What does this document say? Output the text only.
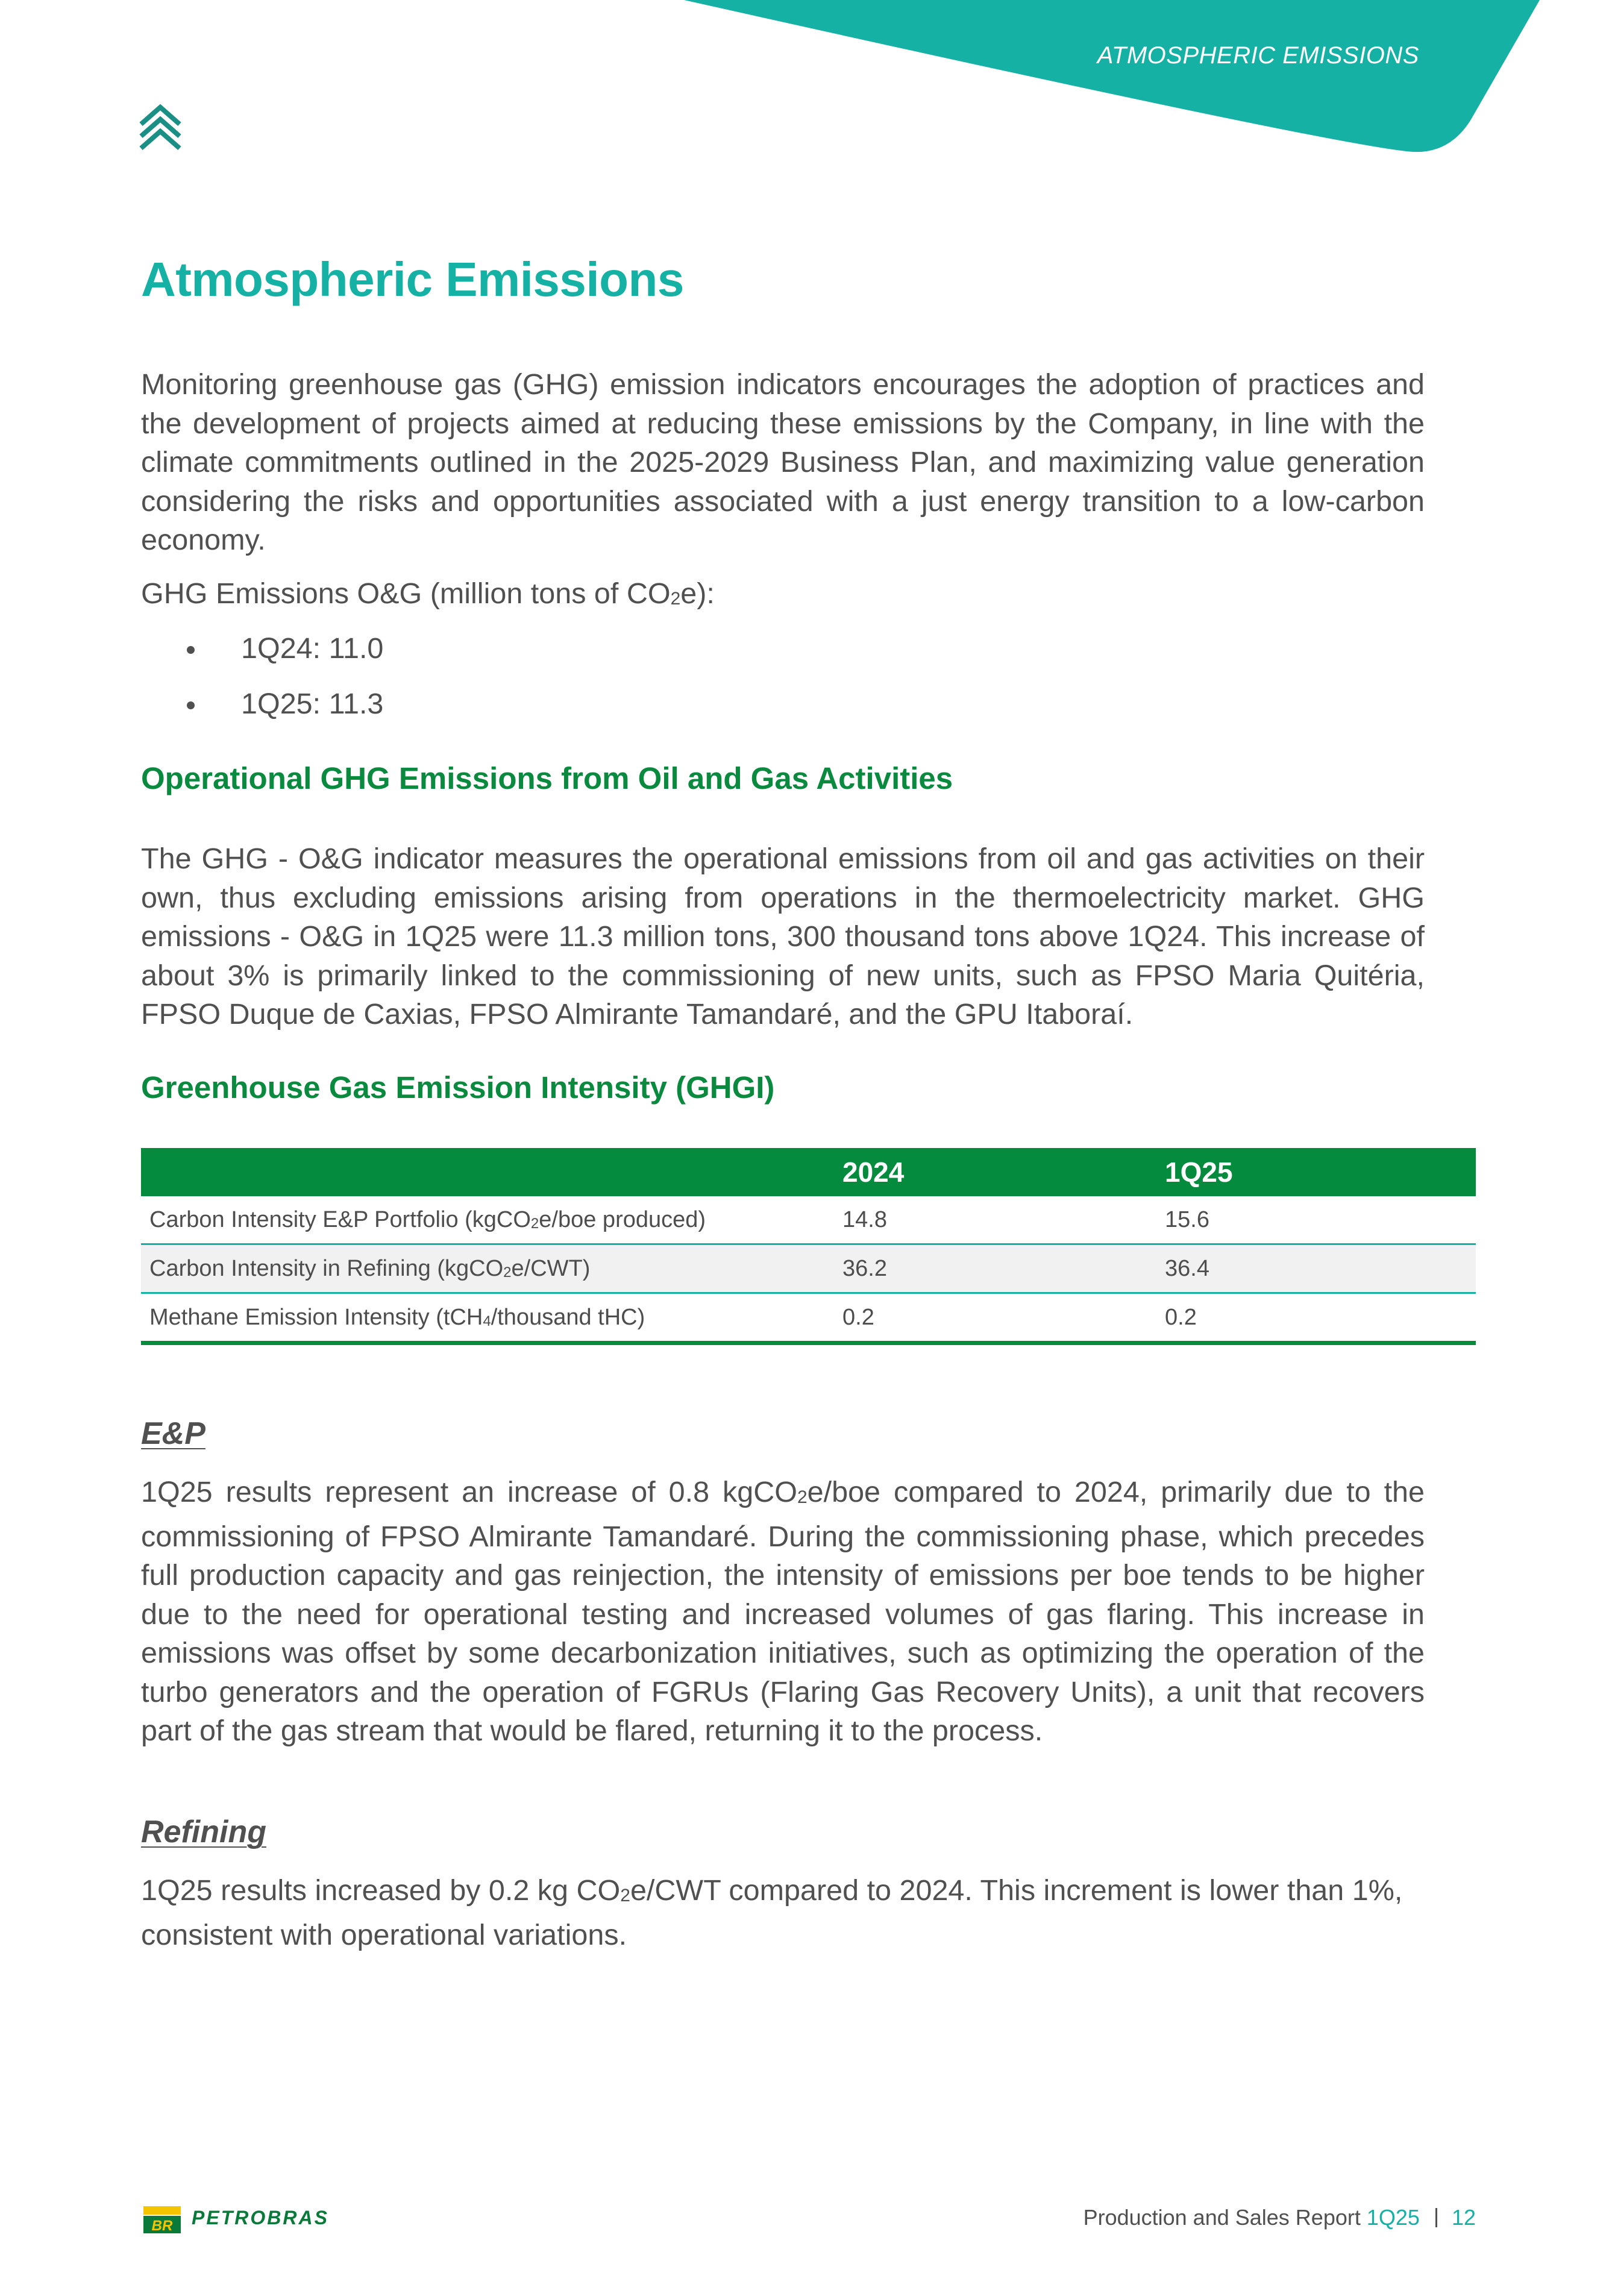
ATMOSPHERIC EMISSIONS
Atmospheric Emissions

Monitoring greenhouse gas (GHG) emission indicators encourages the adoption of practices and the development of projects aimed at reducing these emissions by the Company, in line with the climate commitments outlined in the 2025-2029 Business Plan, and maximizing value generation considering the risks and opportunities associated with a just energy transition to a low-carbon economy.

GHG Emissions O&G (million tons of $CO_2e$):
1Q24: 11.0
1Q25: 11.3
Operational GHG Emissions from Oil and Gas Activities

The GHG - O&G indicator measures the operational emissions from oil and gas activities on their own, thus excluding emissions arising from operations in the thermoelectricity market. GHG emissions - O&G in 1Q25 were 11.3 million tons, 300 thousand tons above 1Q24. This increase of about 3% is primarily linked to the commissioning of new units, such as FPSO Maria Quitéria, FPSO Duque de Caxias, FPSO Almirante Tamandaré, and the GPU Itaboraí.

Greenhouse Gas Emission Intensity (GHGI)
	2024	1Q25
Carbon Intensity E&P Portfolio (kgCO$_2$e/boe produced)	14.8	15.6
Carbon Intensity in Refining (kgCO$_2$e/CWT)	36.2	36.4
Methane Emission Intensity (tCH$_4$/thousand tHC)	0.2	0.2
E&P

1Q25 results represent an increase of 0.8 kgCO$_2$e/boe compared to 2024, primarily due to the commissioning of FPSO Almirante Tamandaré. During the commissioning phase, which precedes full production capacity and gas reinjection, the intensity of emissions per boe tends to be higher due to the need for operational testing and increased volumes of gas flaring. This increase in emissions was offset by some decarbonization initiatives, such as optimizing the operation of the turbo generators and the operation of FGRUs (Flaring Gas Recovery Units), a unit that recovers part of the gas stream that would be flared, returning it to the process.

Refining

1Q25 results increased by 0.2 kg $CO_2e$/CWT compared to 2024. This increment is lower than 1%, consistent with operational variations.

BR PETROBRAS	Production and Sales Report 1Q25 12
